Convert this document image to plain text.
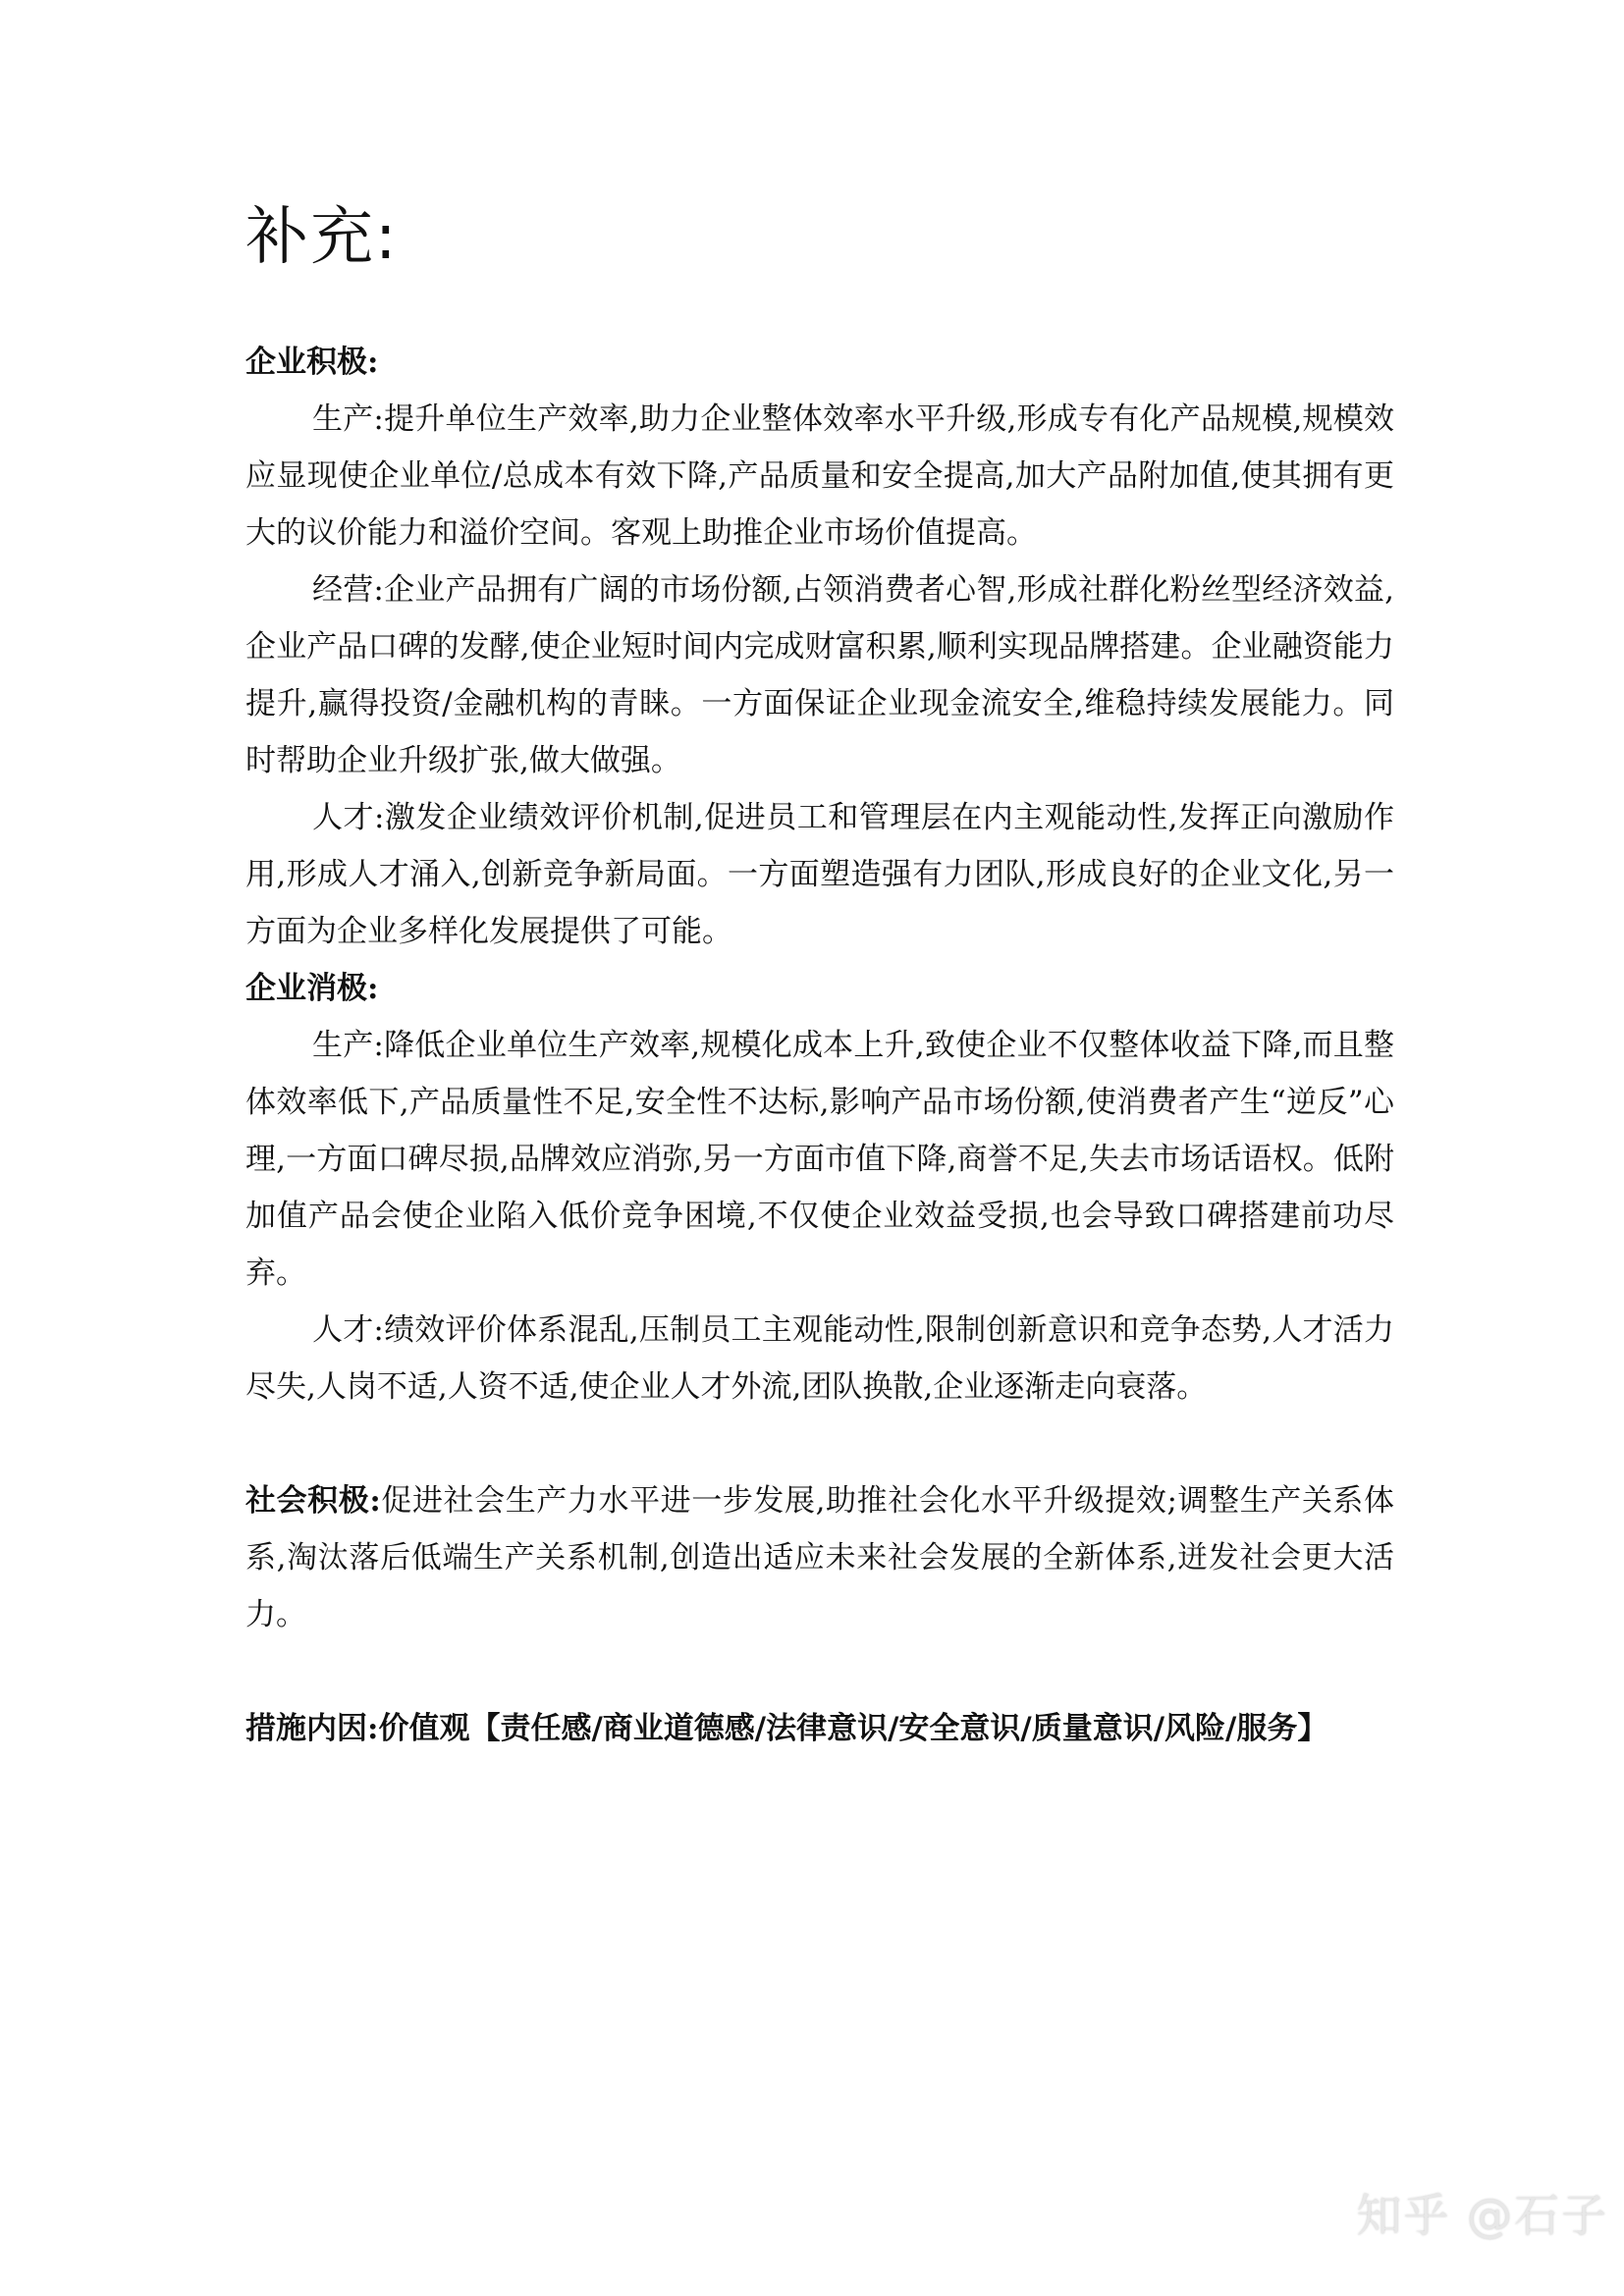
补充:

企业积极:

生产:提升单位生产效率,助力企业整体效率水平升级,形成专有化产品规模,规模效应显现使企业单位/总成本有效下降,产品质量和安全提高,加大产品附加值,使其拥有更大的议价能力和溢价空间。客观上助推企业市场价值提高。

经营:企业产品拥有广阔的市场份额,占领消费者心智,形成社群化粉丝型经济效益,企业产品口碑的发酵,使企业短时间内完成财富积累,顺利实现品牌搭建。企业融资能力提升,赢得投资/金融机构的青睐。一方面保证企业现金流安全,维稳持续发展能力。同时帮助企业升级扩张,做大做强。

人才:激发企业绩效评价机制,促进员工和管理层在内主观能动性,发挥正向激励作用,形成人才涌入,创新竞争新局面。一方面塑造强有力团队,形成良好的企业文化,另一方面为企业多样化发展提供了可能。

企业消极:

生产:降低企业单位生产效率,规模化成本上升,致使企业不仅整体收益下降,而且整体效率低下,产品质量性不足,安全性不达标,影响产品市场份额,使消费者产生“逆反”心理,一方面口碑尽损,品牌效应消弥,另一方面市值下降,商誉不足,失去市场话语权。低附加值产品会使企业陷入低价竞争困境,不仅使企业效益受损,也会导致口碑搭建前功尽弃。

人才:绩效评价体系混乱,压制员工主观能动性,限制创新意识和竞争态势,人才活力尽失,人岗不适,人资不适,使企业人才外流,团队换散,企业逐渐走向衰落。

社会积极:促进社会生产力水平进一步发展,助推社会化水平升级提效;调整生产关系体系,淘汰落后低端生产关系机制,创造出适应未来社会发展的全新体系,迸发社会更大活力。

措施内因:价值观【责任感/商业道德感/法律意识/安全意识/质量意识/风险/服务】

知乎 @石子
